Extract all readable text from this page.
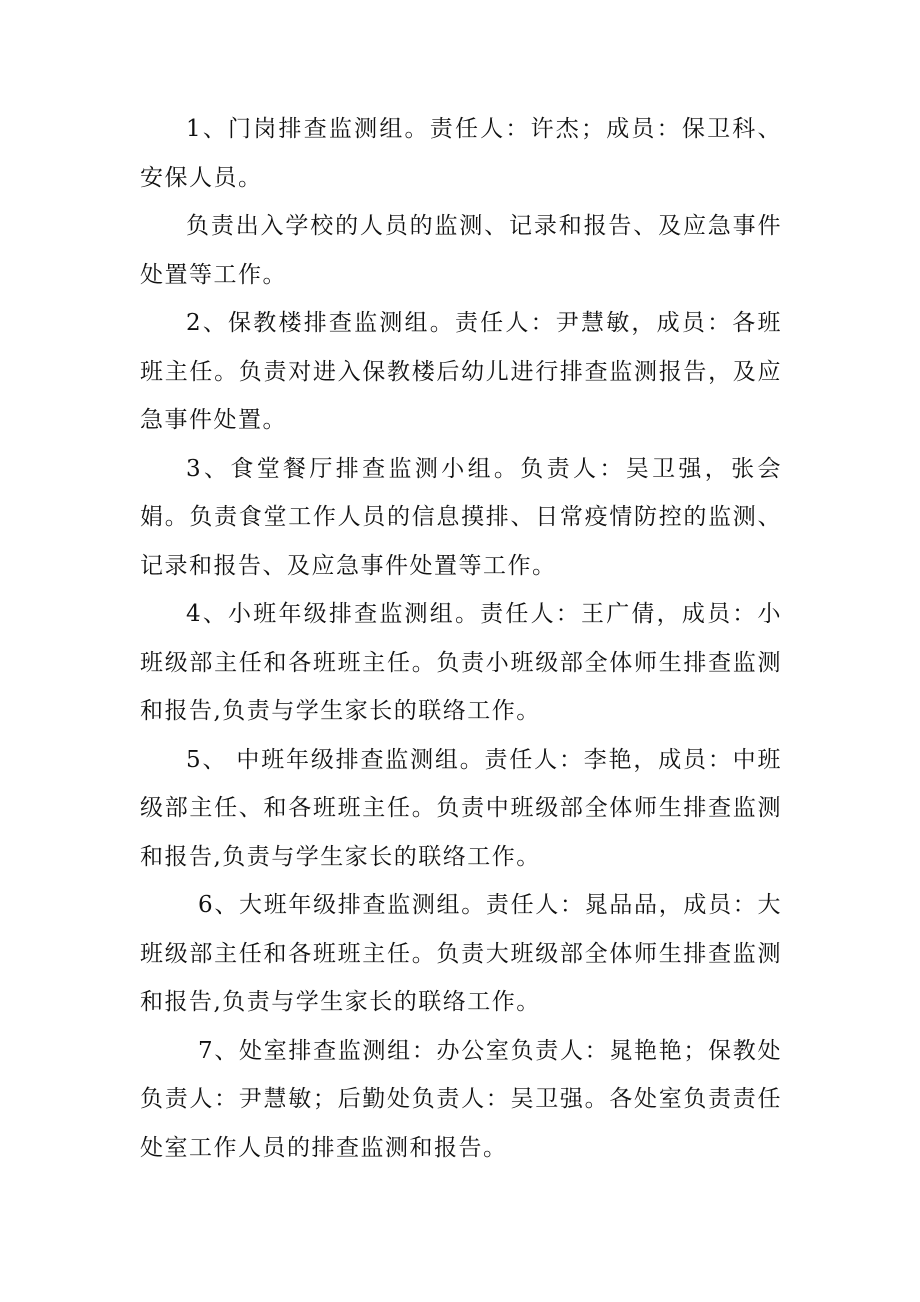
1、门岗排查监测组。责任人：许杰；成员：保卫科、安保人员。

负责出入学校的人员的监测、记录和报告、及应急事件处置等工作。

2、保教楼排查监测组。责任人：尹慧敏，成员：各班班主任。负责对进入保教楼后幼儿进行排查监测报告，及应急事件处置。

3、食堂餐厅排查监测小组。负责人：吴卫强，张会娟。负责食堂工作人员的信息摸排、日常疫情防控的监测、记录和报告、及应急事件处置等工作。

4、小班年级排查监测组。责任人：王广倩，成员：小班级部主任和各班班主任。负责小班级部全体师生排查监测和报告,负责与学生家长的联络工作。

5、 中班年级排查监测组。责任人：李艳，成员：中班级部主任、和各班班主任。负责中班级部全体师生排查监测和报告,负责与学生家长的联络工作。

6、大班年级排查监测组。责任人：晁品品，成员：大班级部主任和各班班主任。负责大班级部全体师生排查监测和报告,负责与学生家长的联络工作。

7、处室排查监测组：办公室负责人：晁艳艳；保教处负责人：尹慧敏；后勤处负责人：吴卫强。各处室负责责任处室工作人员的排查监测和报告。
